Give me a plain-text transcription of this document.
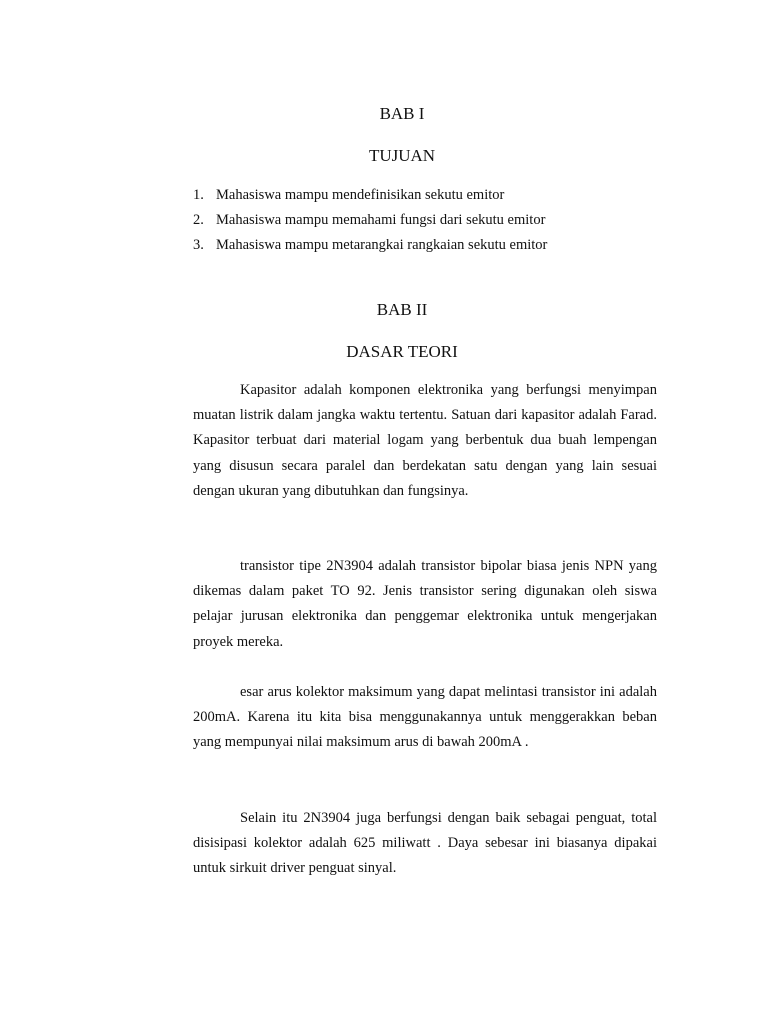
BAB I
TUJUAN
1. Mahasiswa mampu mendefinisikan sekutu emitor
2. Mahasiswa mampu memahami fungsi dari sekutu emitor
3. Mahasiswa mampu metarangkai rangkaian sekutu emitor
BAB II
DASAR TEORI

Kapasitor adalah komponen elektronika yang berfungsi menyimpan muatan listrik dalam jangka waktu tertentu. Satuan dari kapasitor adalah Farad. Kapasitor terbuat dari material logam yang berbentuk dua buah lempengan yang disusun secara paralel dan berdekatan satu dengan yang lain sesuai dengan ukuran yang dibutuhkan dan fungsinya.

transistor tipe 2N3904 adalah transistor bipolar biasa jenis NPN yang dikemas dalam paket TO 92. Jenis transistor sering digunakan oleh siswa pelajar jurusan elektronika dan penggemar elektronika untuk mengerjakan proyek mereka.

esar arus kolektor maksimum yang dapat melintasi transistor ini adalah 200mA. Karena itu kita bisa menggunakannya untuk menggerakkan beban yang mempunyai nilai maksimum arus di bawah 200mA .

Selain itu 2N3904 juga berfungsi dengan baik sebagai penguat, total disisipasi kolektor adalah 625 miliwatt . Daya sebesar ini biasanya dipakai untuk sirkuit driver penguat sinyal.
